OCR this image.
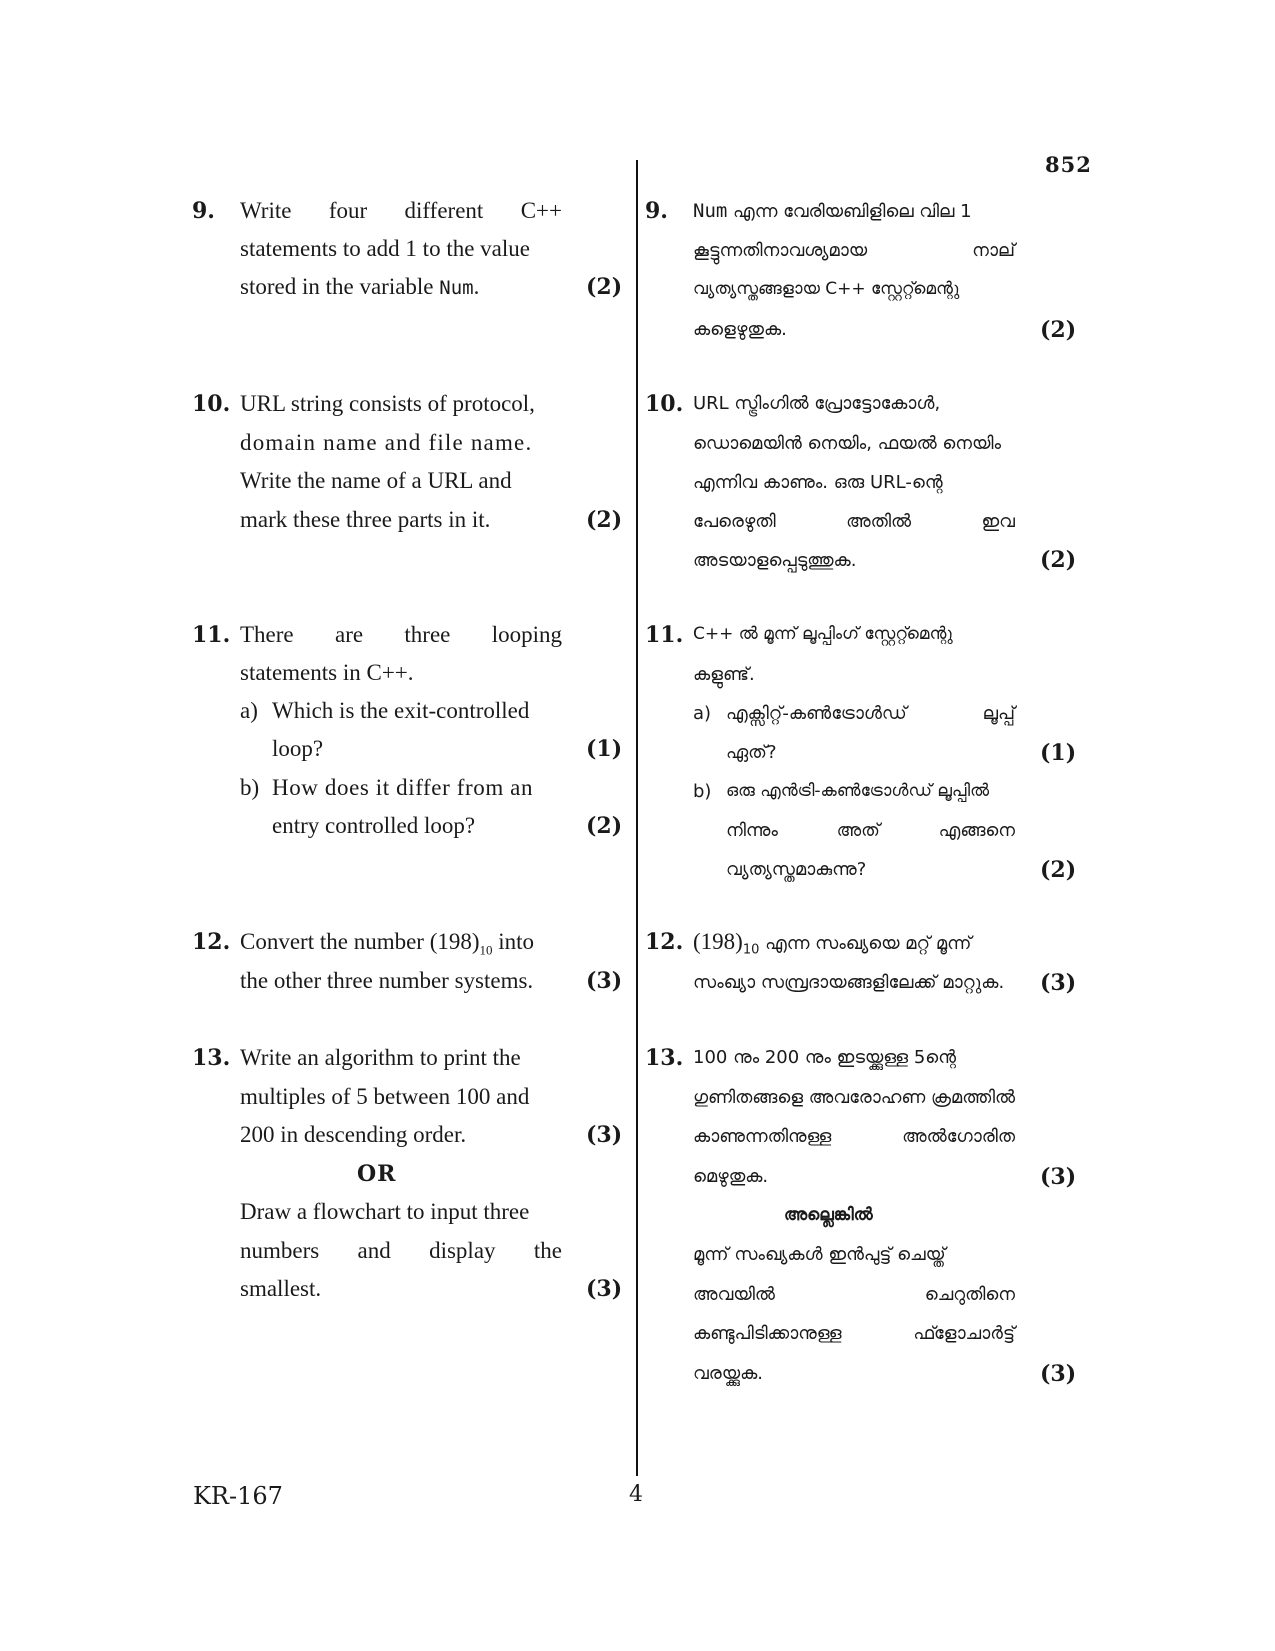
852
9. Write four different C++
statements to add 1 to the value
stored in the variable Num.	(2)
10. URL string consists of protocol,
domain name and file name.
Write the name of a URL and
mark these three parts in it.	(2)
11. There are three looping
statements in C++.
a) Which is the exit-controlled
loop?	(1)
b) How does it differ from an
entry controlled loop?	(2)
12. Convert the number $(198)_{10}$ into
the other three number systems. (3)
13. Write an algorithm to print the
multiples of 5 between 100 and
200 in descending order.	(3)
OR
Draw a flowchart to input three
numbers and display the
smallest.	(3)
9. Num എന്ന വേരിയബിളിലെ വില 1
കൂട്ടുന്നതിനാവശ്യമായ	നാല്
വ്യത്യസ്തങ്ങളായ C++ സ്റ്റേറ്റ്മെന്റു
കളെഴുതുക.	(2)
10. URL സ്ട്രിംഗിൽ പ്രോട്ടോകോൾ,
ഡൊമെയിൻ നെയിം, ഫയൽ നെയിം
എന്നിവ കാണും. ഒരു URL-ന്റെ
പേരെഴുതി	അതിൽ	ഇവ
അടയാളപ്പെടുത്തുക.	(2)
11. C++ ൽ മൂന്ന് ലൂപ്പിംഗ് സ്റ്റേറ്റ്മെന്റു
കളുണ്ട്.
a) എക്സിറ്റ്-കൺട്രോൾഡ്	ലൂപ്പ്
ഏത്?	(1)
b) ഒരു എൻട്രി-കൺട്രോൾഡ് ലൂപ്പിൽ
നിന്നും	അത്	എങ്ങനെ
വ്യത്യസ്തമാകുന്നു?	(2)
12. $(198)_{10}$ എന്ന സംഖ്യയെ മറ്റ് മൂന്ന്
സംഖ്യാ സമ്പ്രദായങ്ങളിലേക്ക് മാറ്റുക. (3)
13. 100 നും 200 നും ഇടയ്ക്കുള്ള 5ന്റെ
ഗുണിതങ്ങളെ അവരോഹണ ക്രമത്തിൽ
കാണുന്നതിനുള്ള	അൽഗോരിത
മെഴുതുക.	(3)
അല്ലെങ്കിൽ
മൂന്ന് സംഖ്യകൾ ഇൻപുട്ട് ചെയ്ത്
അവയിൽ	ചെറുതിനെ
കണ്ടുപിടിക്കാനുള്ള	ഫ്ളോചാർട്ട്
വരയ്ക്കുക.	(3)
KR-167	4
